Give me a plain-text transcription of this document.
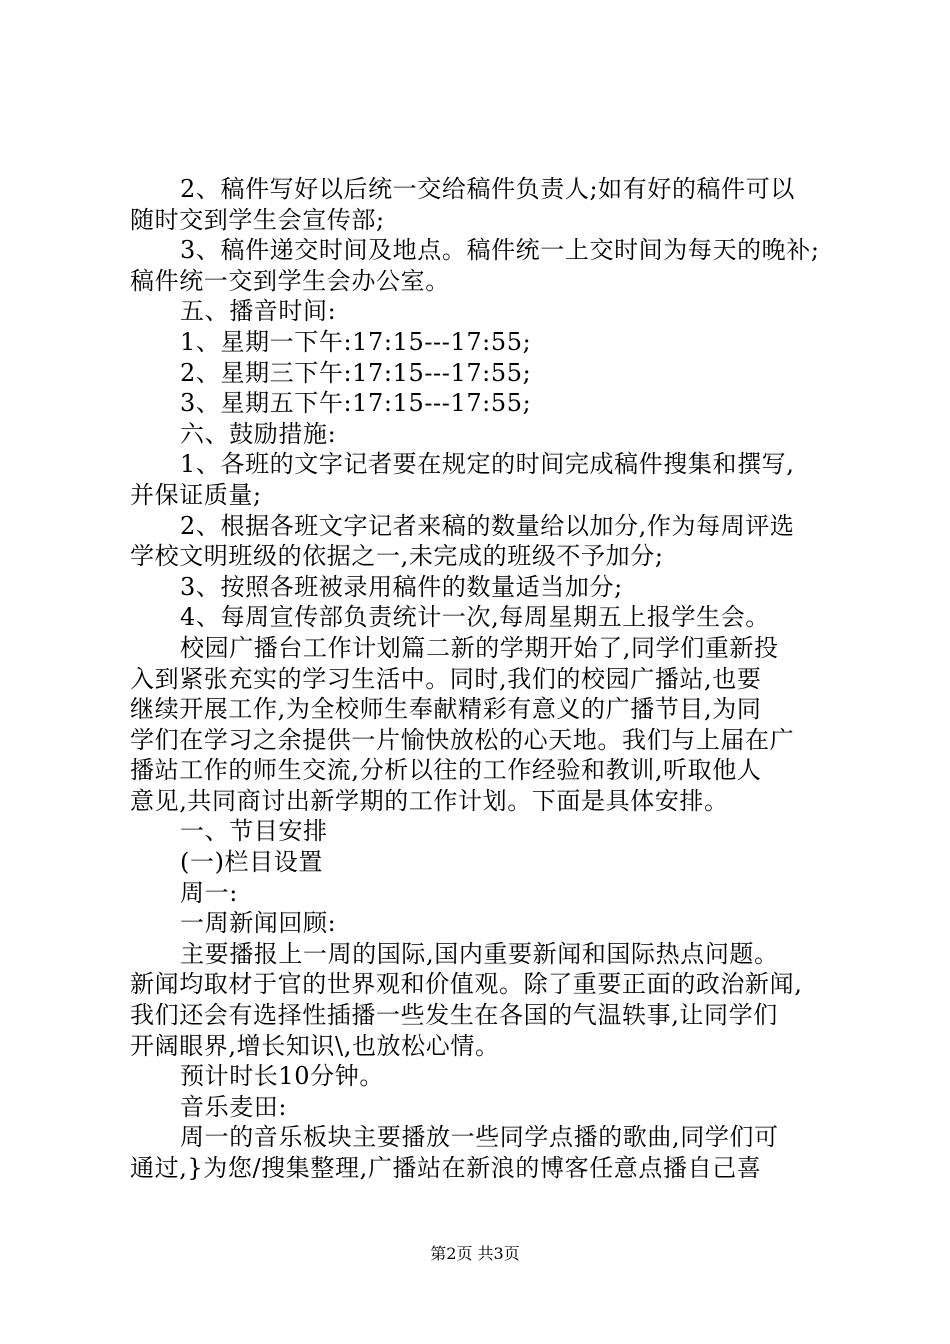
2、稿件写好以后统一交给稿件负责人;如有好的稿件可以
随时交到学生会宣传部;
3、稿件递交时间及地点。稿件统一上交时间为每天的晚补;
稿件统一交到学生会办公室。
五、播音时间:
1、星期一下午:17:15---17:55;
2、星期三下午:17:15---17:55;
3、星期五下午:17:15---17:55;
六、鼓励措施:
1、各班的文字记者要在规定的时间完成稿件搜集和撰写,
并保证质量;
2、根据各班文字记者来稿的数量给以加分,作为每周评选
学校文明班级的依据之一,未完成的班级不予加分;
3、按照各班被录用稿件的数量适当加分;
4、每周宣传部负责统计一次,每周星期五上报学生会。
校园广播台工作计划篇二新的学期开始了,同学们重新投
入到紧张充实的学习生活中。同时,我们的校园广播站,也要
继续开展工作,为全校师生奉献精彩有意义的广播节目,为同
学们在学习之余提供一片愉快放松的心天地。我们与上届在广
播站工作的师生交流,分析以往的工作经验和教训,听取他人
意见,共同商讨出新学期的工作计划。下面是具体安排。
一、节目安排
(一)栏目设置
周一:
一周新闻回顾:
主要播报上一周的国际,国内重要新闻和国际热点问题。
新闻均取材于官的世界观和价值观。除了重要正面的政治新闻,
我们还会有选择性插播一些发生在各国的气温轶事,让同学们
开阔眼界,增长知识\,也放松心情。
预计时长10分钟。
音乐麦田:
周一的音乐板块主要播放一些同学点播的歌曲,同学们可
通过,}为您/搜集整理,广播站在新浪的博客任意点播自己喜
第2页 共3页
